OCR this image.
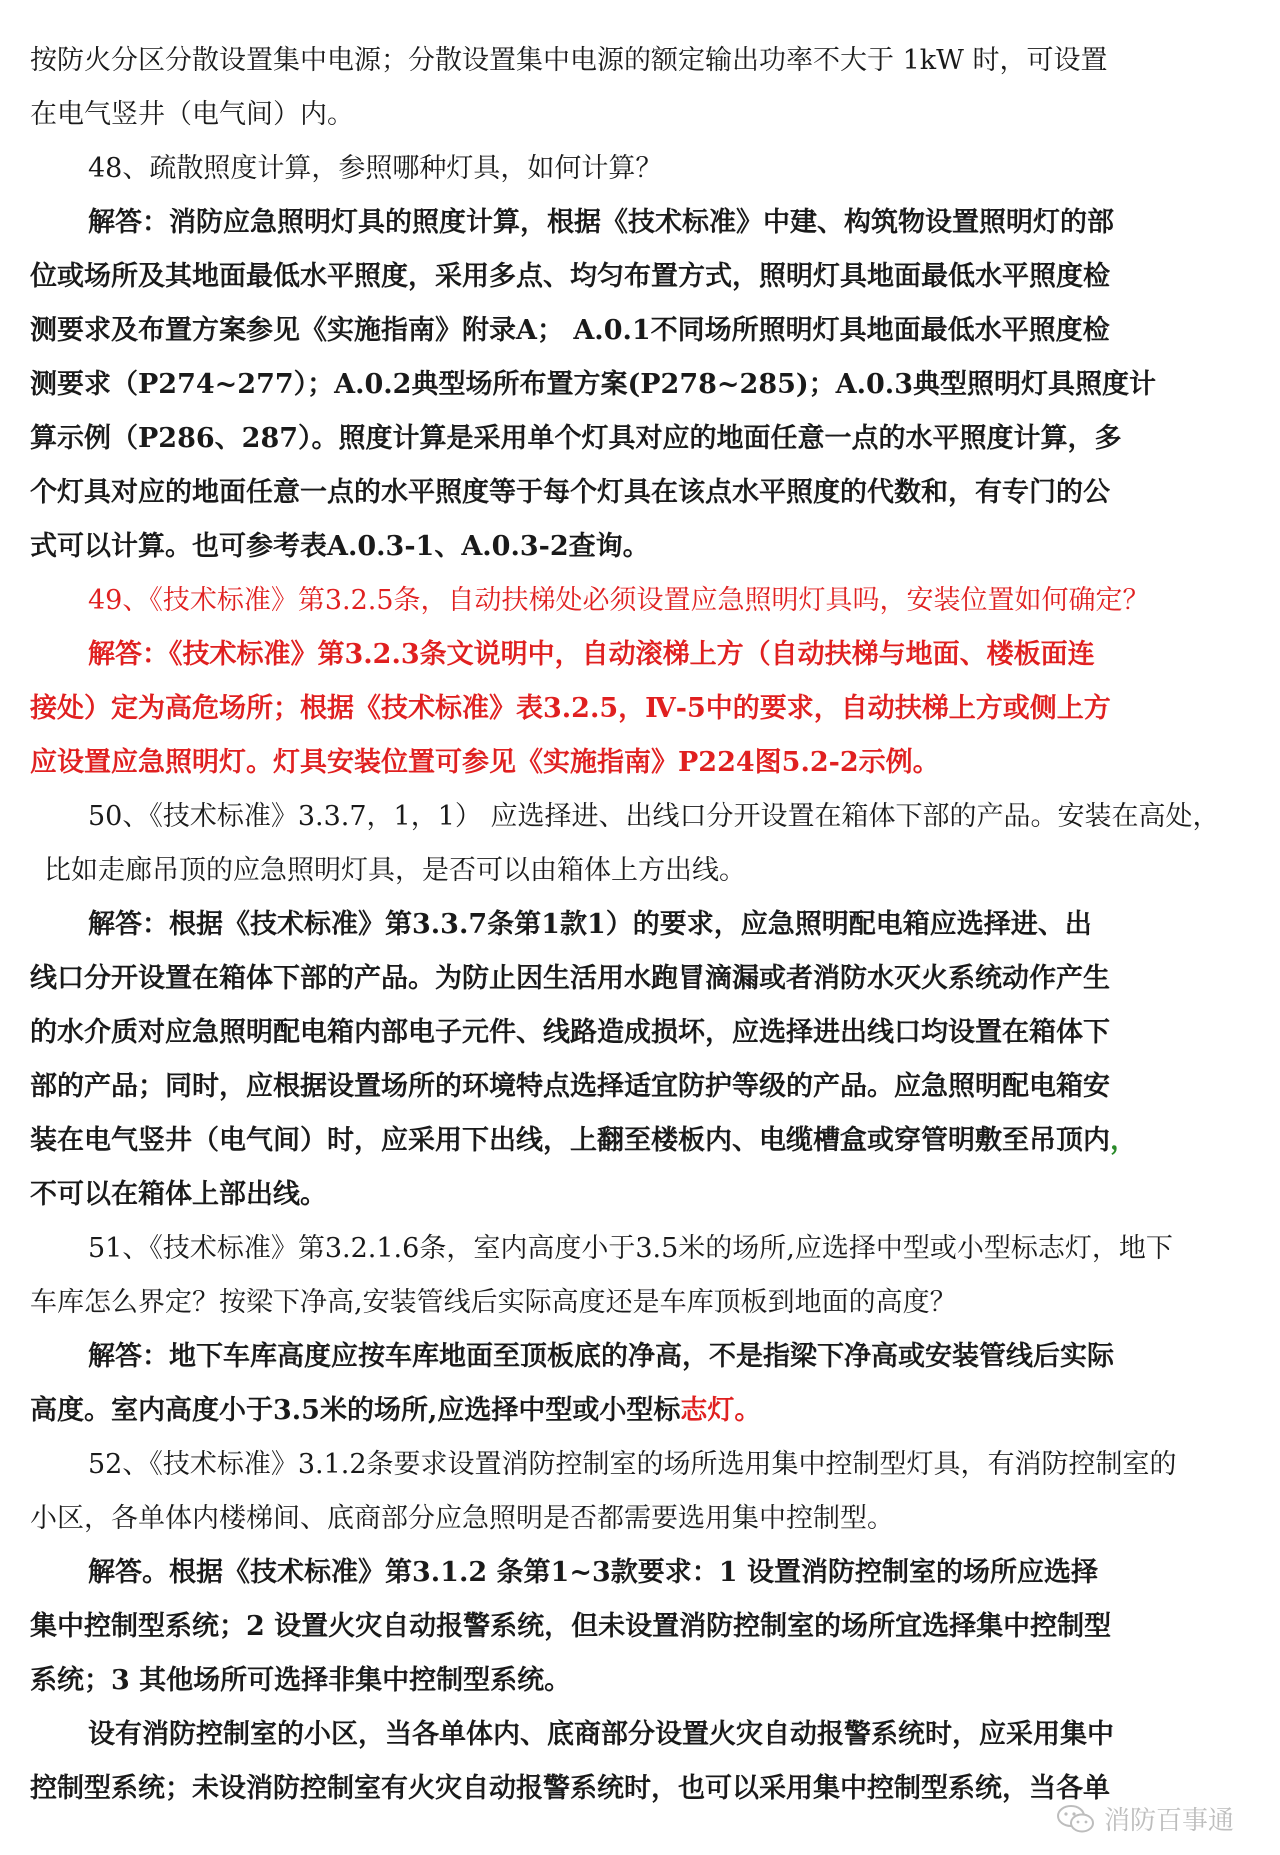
按防火分区分散设置集中电源；分散设置集中电源的额定输出功率不大于 1kW 时，可设置
在电气竖井（电气间）内。
48、疏散照度计算，参照哪种灯具，如何计算？
解答：消防应急照明灯具的照度计算，根据《技术标准》中建、构筑物设置照明灯的部
位或场所及其地面最低水平照度，采用多点、均匀布置方式，照明灯具地面最低水平照度检
测要求及布置方案参见《实施指南》附录A； A.0.1不同场所照明灯具地面最低水平照度检
测要求（P274~277）；A.0.2典型场所布置方案(P278~285)；A.0.3典型照明灯具照度计
算示例（P286、287）。照度计算是采用单个灯具对应的地面任意一点的水平照度计算，多
个灯具对应的地面任意一点的水平照度等于每个灯具在该点水平照度的代数和，有专门的公
式可以计算。也可参考表A.0.3-1、A.0.3-2查询。
49、《技术标准》第3.2.5条，自动扶梯处必须设置应急照明灯具吗，安装位置如何确定？
解答：《技术标准》第3.2.3条文说明中，自动滚梯上方（自动扶梯与地面、楼板面连
接处）定为高危场所；根据《技术标准》表3.2.5，Ⅳ-5中的要求，自动扶梯上方或侧上方
应设置应急照明灯。灯具安装位置可参见《实施指南》P224图5.2-2示例。
50、《技术标准》3.3.7，1，1） 应选择进、出线口分开设置在箱体下部的产品。安装在高处，
比如走廊吊顶的应急照明灯具，是否可以由箱体上方出线。
解答：根据《技术标准》第3.3.7条第1款1）的要求，应急照明配电箱应选择进、出
线口分开设置在箱体下部的产品。为防止因生活用水跑冒滴漏或者消防水灭火系统动作产生
的水介质对应急照明配电箱内部电子元件、线路造成损坏，应选择进出线口均设置在箱体下
部的产品；同时，应根据设置场所的环境特点选择适宜防护等级的产品。应急照明配电箱安
装在电气竖井（电气间）时，应采用下出线，上翻至楼板内、电缆槽盒或穿管明敷至吊顶内，
不可以在箱体上部出线。
51、《技术标准》第3.2.1.6条，室内高度小于3.5米的场所,应选择中型或小型标志灯，地下
车库怎么界定？按梁下净高,安装管线后实际高度还是车库顶板到地面的高度？
解答：地下车库高度应按车库地面至顶板底的净高，不是指梁下净高或安装管线后实际
高度。室内高度小于3.5米的场所,应选择中型或小型标志灯。
52、《技术标准》3.1.2条要求设置消防控制室的场所选用集中控制型灯具，有消防控制室的
小区，各单体内楼梯间、底商部分应急照明是否都需要选用集中控制型。
解答。根据《技术标准》第3.1.2 条第1~3款要求：1 设置消防控制室的场所应选择
集中控制型系统；2 设置火灾自动报警系统，但未设置消防控制室的场所宜选择集中控制型
系统；3 其他场所可选择非集中控制型系统。
设有消防控制室的小区，当各单体内、底商部分设置火灾自动报警系统时，应采用集中
控制型系统；未设消防控制室有火灾自动报警系统时，也可以采用集中控制型系统，当各单
消防百事通
